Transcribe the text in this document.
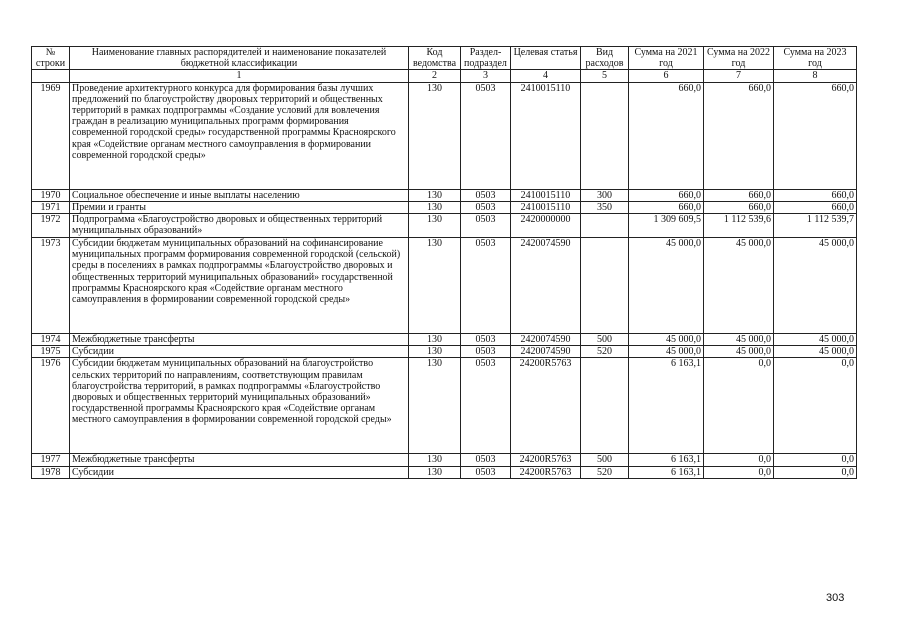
№ строки	Наименование главных распорядителей и наименование показателей бюджетной классификации	Код ведомства	Раздел-подраздел	Целевая статья	Вид расходов	Сумма на 2021 год	Сумма на 2022 год	Сумма на 2023 год
	1	2	3	4	5	6	7	8
1969	Проведение архитектурного конкурса для формирования базы лучших предложений по благоустройству дворовых территорий и общественных территорий в рамках подпрограммы «Создание условий для вовлечения граждан в реализацию муниципальных программ формирования современной городской среды» государственной программы Красноярского края «Содействие органам местного самоуправления в формировании современной городской среды»	130	0503	2410015110		660,0	660,0	660,0
1970	Социальное обеспечение и иные выплаты населению	130	0503	2410015110	300	660,0	660,0	660,0
1971	Премии и гранты	130	0503	2410015110	350	660,0	660,0	660,0
1972	Подпрограмма «Благоустройство дворовых и общественных территорий муниципальных образований»	130	0503	2420000000		1 309 609,5	1 112 539,6	1 112 539,7
1973	Субсидии бюджетам муниципальных образований на софинансирование муниципальных программ формирования современной городской (сельской) среды в поселениях в рамках подпрограммы «Благоустройство дворовых и общественных территорий муниципальных образований» государственной программы Красноярского края «Содействие органам местного самоуправления в формировании современной городской среды»	130	0503	2420074590		45 000,0	45 000,0	45 000,0
1974	Межбюджетные трансферты	130	0503	2420074590	500	45 000,0	45 000,0	45 000,0
1975	Субсидии	130	0503	2420074590	520	45 000,0	45 000,0	45 000,0
1976	Субсидии бюджетам муниципальных образований на благоустройство сельских территорий по направлениям, соответствующим правилам благоустройства территорий, в рамках подпрограммы «Благоустройство дворовых и общественных территорий муниципальных образований» государственной программы Красноярского края «Содействие органам местного самоуправления в формировании современной городской среды»	130	0503	24200R5763		6 163,1	0,0	0,0
1977	Межбюджетные трансферты	130	0503	24200R5763	500	6 163,1	0,0	0,0
1978	Субсидии	130	0503	24200R5763	520	6 163,1	0,0	0,0
303
